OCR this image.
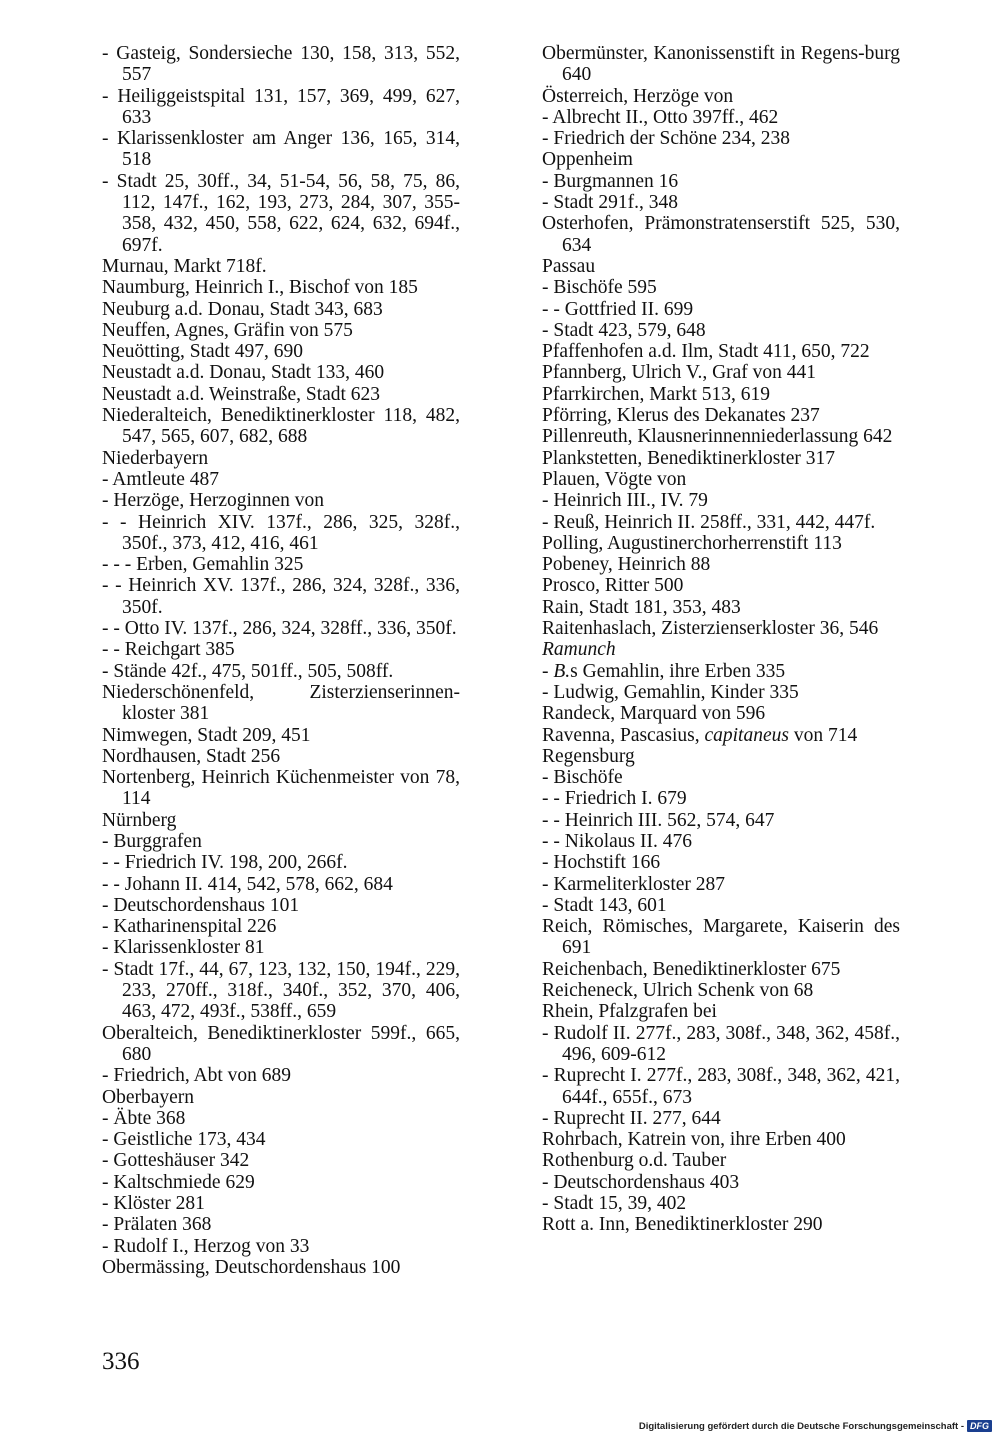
- Gasteig, Sondersieche 130, 158, 313, 552, 557

- Heiliggeistspital 131, 157, 369, 499, 627, 633

- Klarissenkloster am Anger 136, 165, 314, 518

- Stadt 25, 30ff., 34, 51-54, 56, 58, 75, 86, 112, 147f., 162, 193, 273, 284, 307, 355-358, 432, 450, 558, 622, 624, 632, 694f., 697f.

Murnau, Markt 718f.

Naumburg, Heinrich I., Bischof von 185

Neuburg a.d. Donau, Stadt 343, 683

Neuffen, Agnes, Gräfin von 575

Neuötting, Stadt 497, 690

Neustadt a.d. Donau, Stadt 133, 460

Neustadt a.d. Weinstraße, Stadt 623

Niederalteich, Benediktinerkloster 118, 482, 547, 565, 607, 682, 688

Niederbayern

- Amtleute 487

- Herzöge, Herzoginnen von

- - Heinrich XIV. 137f., 286, 325, 328f., 350f., 373, 412, 416, 461

- - - Erben, Gemahlin 325

- - Heinrich XV. 137f., 286, 324, 328f., 336, 350f.

- - Otto IV. 137f., 286, 324, 328ff., 336, 350f.

- - Reichgart 385

- Stände 42f., 475, 501ff., 505, 508ff.

Niederschönenfeld, Zisterzienserinnen-kloster 381

Nimwegen, Stadt 209, 451

Nordhausen, Stadt 256

Nortenberg, Heinrich Küchenmeister von 78, 114

Nürnberg

- Burggrafen

- - Friedrich IV. 198, 200, 266f.

- - Johann II. 414, 542, 578, 662, 684

- Deutschordenshaus 101

- Katharinenspital 226

- Klarissenkloster 81

- Stadt 17f., 44, 67, 123, 132, 150, 194f., 229, 233, 270ff., 318f., 340f., 352, 370, 406, 463, 472, 493f., 538ff., 659

Oberalteich, Benediktinerkloster 599f., 665, 680

- Friedrich, Abt von 689

Oberbayern

- Äbte 368

- Geistliche 173, 434

- Gotteshäuser 342

- Kaltschmiede 629

- Klöster 281

- Prälaten 368

- Rudolf I., Herzog von 33

Obermässing, Deutschordenshaus 100

Obermünster, Kanonissenstift in Regens-burg 640

Österreich, Herzöge von

- Albrecht II., Otto 397ff., 462

- Friedrich der Schöne 234, 238

Oppenheim

- Burgmannen 16

- Stadt 291f., 348

Osterhofen, Prämonstratenserstift 525, 530, 634

Passau

- Bischöfe 595

- - Gottfried II. 699

- Stadt 423, 579, 648

Pfaffenhofen a.d. Ilm, Stadt 411, 650, 722

Pfannberg, Ulrich V., Graf von 441

Pfarrkirchen, Markt 513, 619

Pförring, Klerus des Dekanates 237

Pillenreuth, Klausnerinnenniederlassung 642

Plankstetten, Benediktinerkloster 317

Plauen, Vögte von

- Heinrich III., IV. 79

- Reuß, Heinrich II. 258ff., 331, 442, 447f.

Polling, Augustinerchorherrenstift 113

Pobeney, Heinrich 88

Prosco, Ritter 500

Rain, Stadt 181, 353, 483

Raitenhaslach, Zisterzienserkloster 36, 546

Ramunch

- B.s Gemahlin, ihre Erben 335

- Ludwig, Gemahlin, Kinder 335

Randeck, Marquard von 596

Ravenna, Pascasius, capitaneus von 714

Regensburg

- Bischöfe

- - Friedrich I. 679

- - Heinrich III. 562, 574, 647

- - Nikolaus II. 476

- Hochstift 166

- Karmeliterkloster 287

- Stadt 143, 601

Reich, Römisches, Margarete, Kaiserin des 691

Reichenbach, Benediktinerkloster 675

Reicheneck, Ulrich Schenk von 68

Rhein, Pfalzgrafen bei

- Rudolf II. 277f., 283, 308f., 348, 362, 458f., 496, 609-612

- Ruprecht I. 277f., 283, 308f., 348, 362, 421, 644f., 655f., 673

- Ruprecht II. 277, 644

Rohrbach, Katrein von, ihre Erben 400

Rothenburg o.d. Tauber

- Deutschordenshaus 403

- Stadt 15, 39, 402

Rott a. Inn, Benediktinerkloster 290

336
Digitalisierung gefördert durch die Deutsche Forschungsgemeinschaft - DFG
